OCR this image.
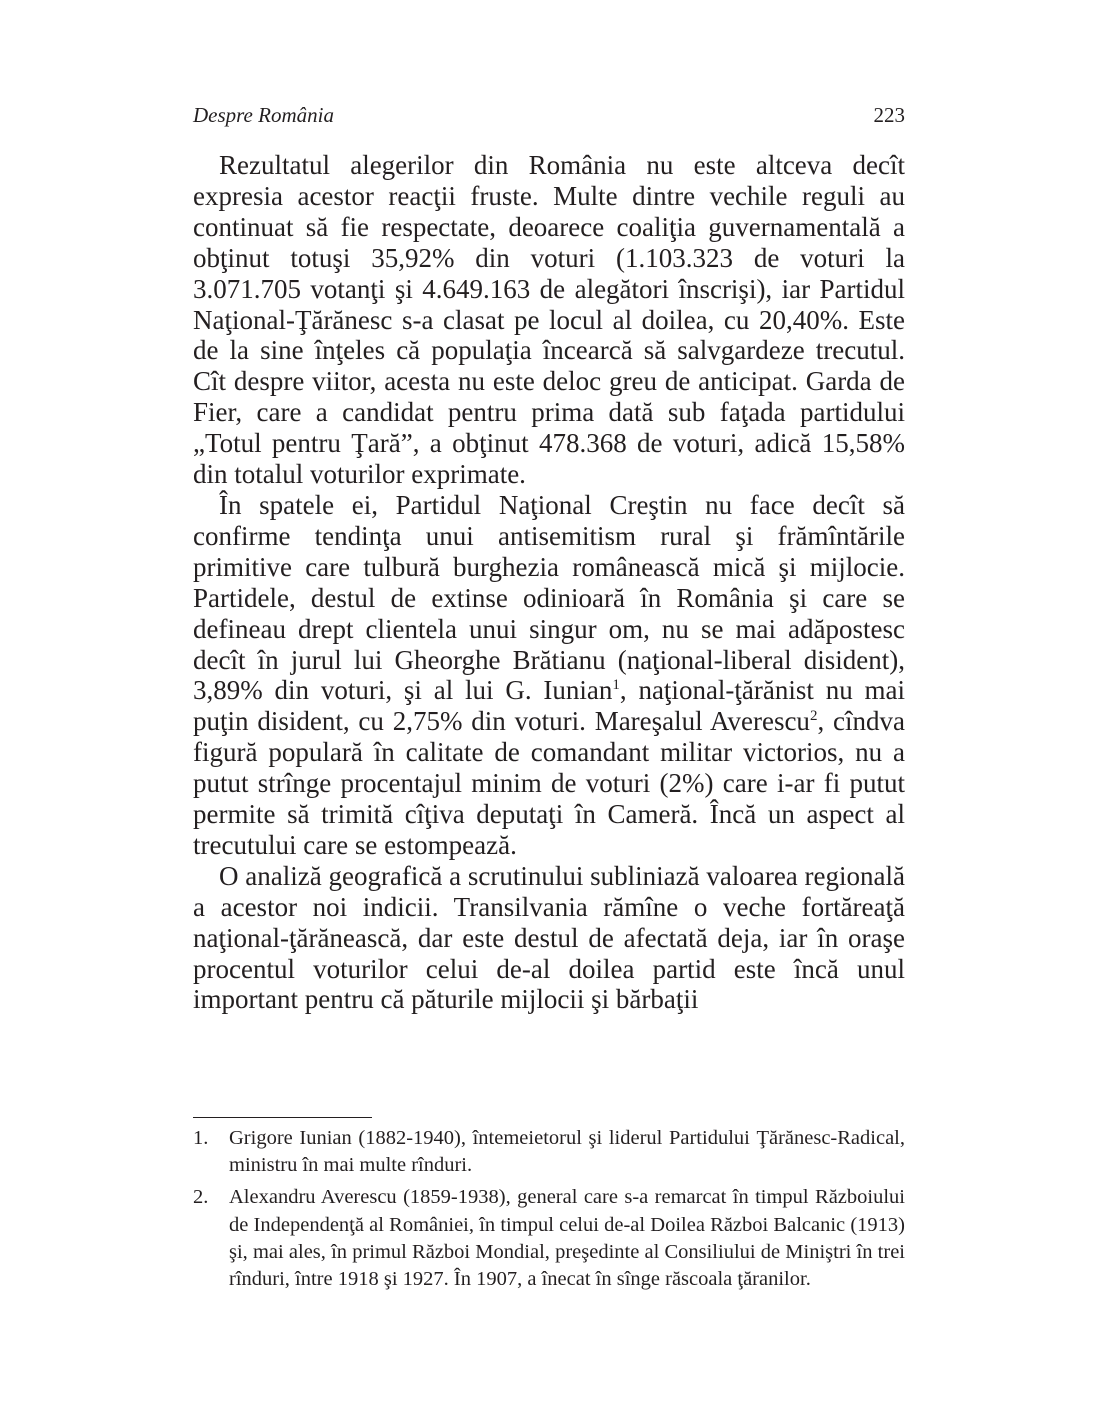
Despre România	223

Rezultatul alegerilor din România nu este altceva decît expresia acestor reacţii fruste. Multe dintre vechile reguli au continuat să fie respectate, deoarece coaliţia guvernamentală a obţinut totuşi 35,92% din voturi (1.103.323 de voturi la 3.071.705 votanţi şi 4.649.163 de alegători înscrişi), iar Partidul Naţional-Ţărănesc s-a clasat pe locul al doilea, cu 20,40%. Este de la sine înţeles că populaţia încearcă să salvgardeze trecutul. Cît despre viitor, acesta nu este deloc greu de anticipat. Garda de Fier, care a candidat pentru prima dată sub faţada partidului „Totul pentru Ţară”, a obţinut 478.368 de voturi, adică 15,58% din totalul voturilor exprimate.

În spatele ei, Partidul Naţional Creştin nu face decît să confirme tendinţa unui antisemitism rural şi frămîntările primitive care tulbură burghezia românească mică şi mijlocie. Partidele, destul de extinse odinioară în România şi care se defineau drept clientela unui singur om, nu se mai adăpostesc decît în jurul lui Gheorghe Brătianu (naţional-liberal disident), 3,89% din voturi, şi al lui G. Iunian$^1$, naţional-ţărănist nu mai puţin disident, cu 2,75% din voturi. Mareşalul Averescu$^2$, cîndva figură populară în calitate de comandant militar victorios, nu a putut strînge procentajul minim de voturi (2%) care i-ar fi putut permite să trimită cîţiva deputaţi în Cameră. Încă un aspect al trecutului care se estompează.

O analiză geografică a scrutinului subliniază valoarea regională a acestor noi indicii. Transilvania rămîne o veche fortăreaţă naţional-ţărănească, dar este destul de afectată deja, iar în oraşe procentul voturilor celui de-al doilea partid este încă unul important pentru că păturile mijlocii şi bărbaţii

1. Grigore Iunian (1882-1940), întemeietorul şi liderul Partidului Ţărănesc-Radical, ministru în mai multe rînduri.
2. Alexandru Averescu (1859-1938), general care s-a remarcat în timpul Războiului de Independenţă al României, în timpul celui de-al Doilea Război Balcanic (1913) şi, mai ales, în primul Război Mondial, preşedinte al Consiliului de Miniştri în trei rînduri, între 1918 şi 1927. În 1907, a înecat în sînge răscoala ţăranilor.
